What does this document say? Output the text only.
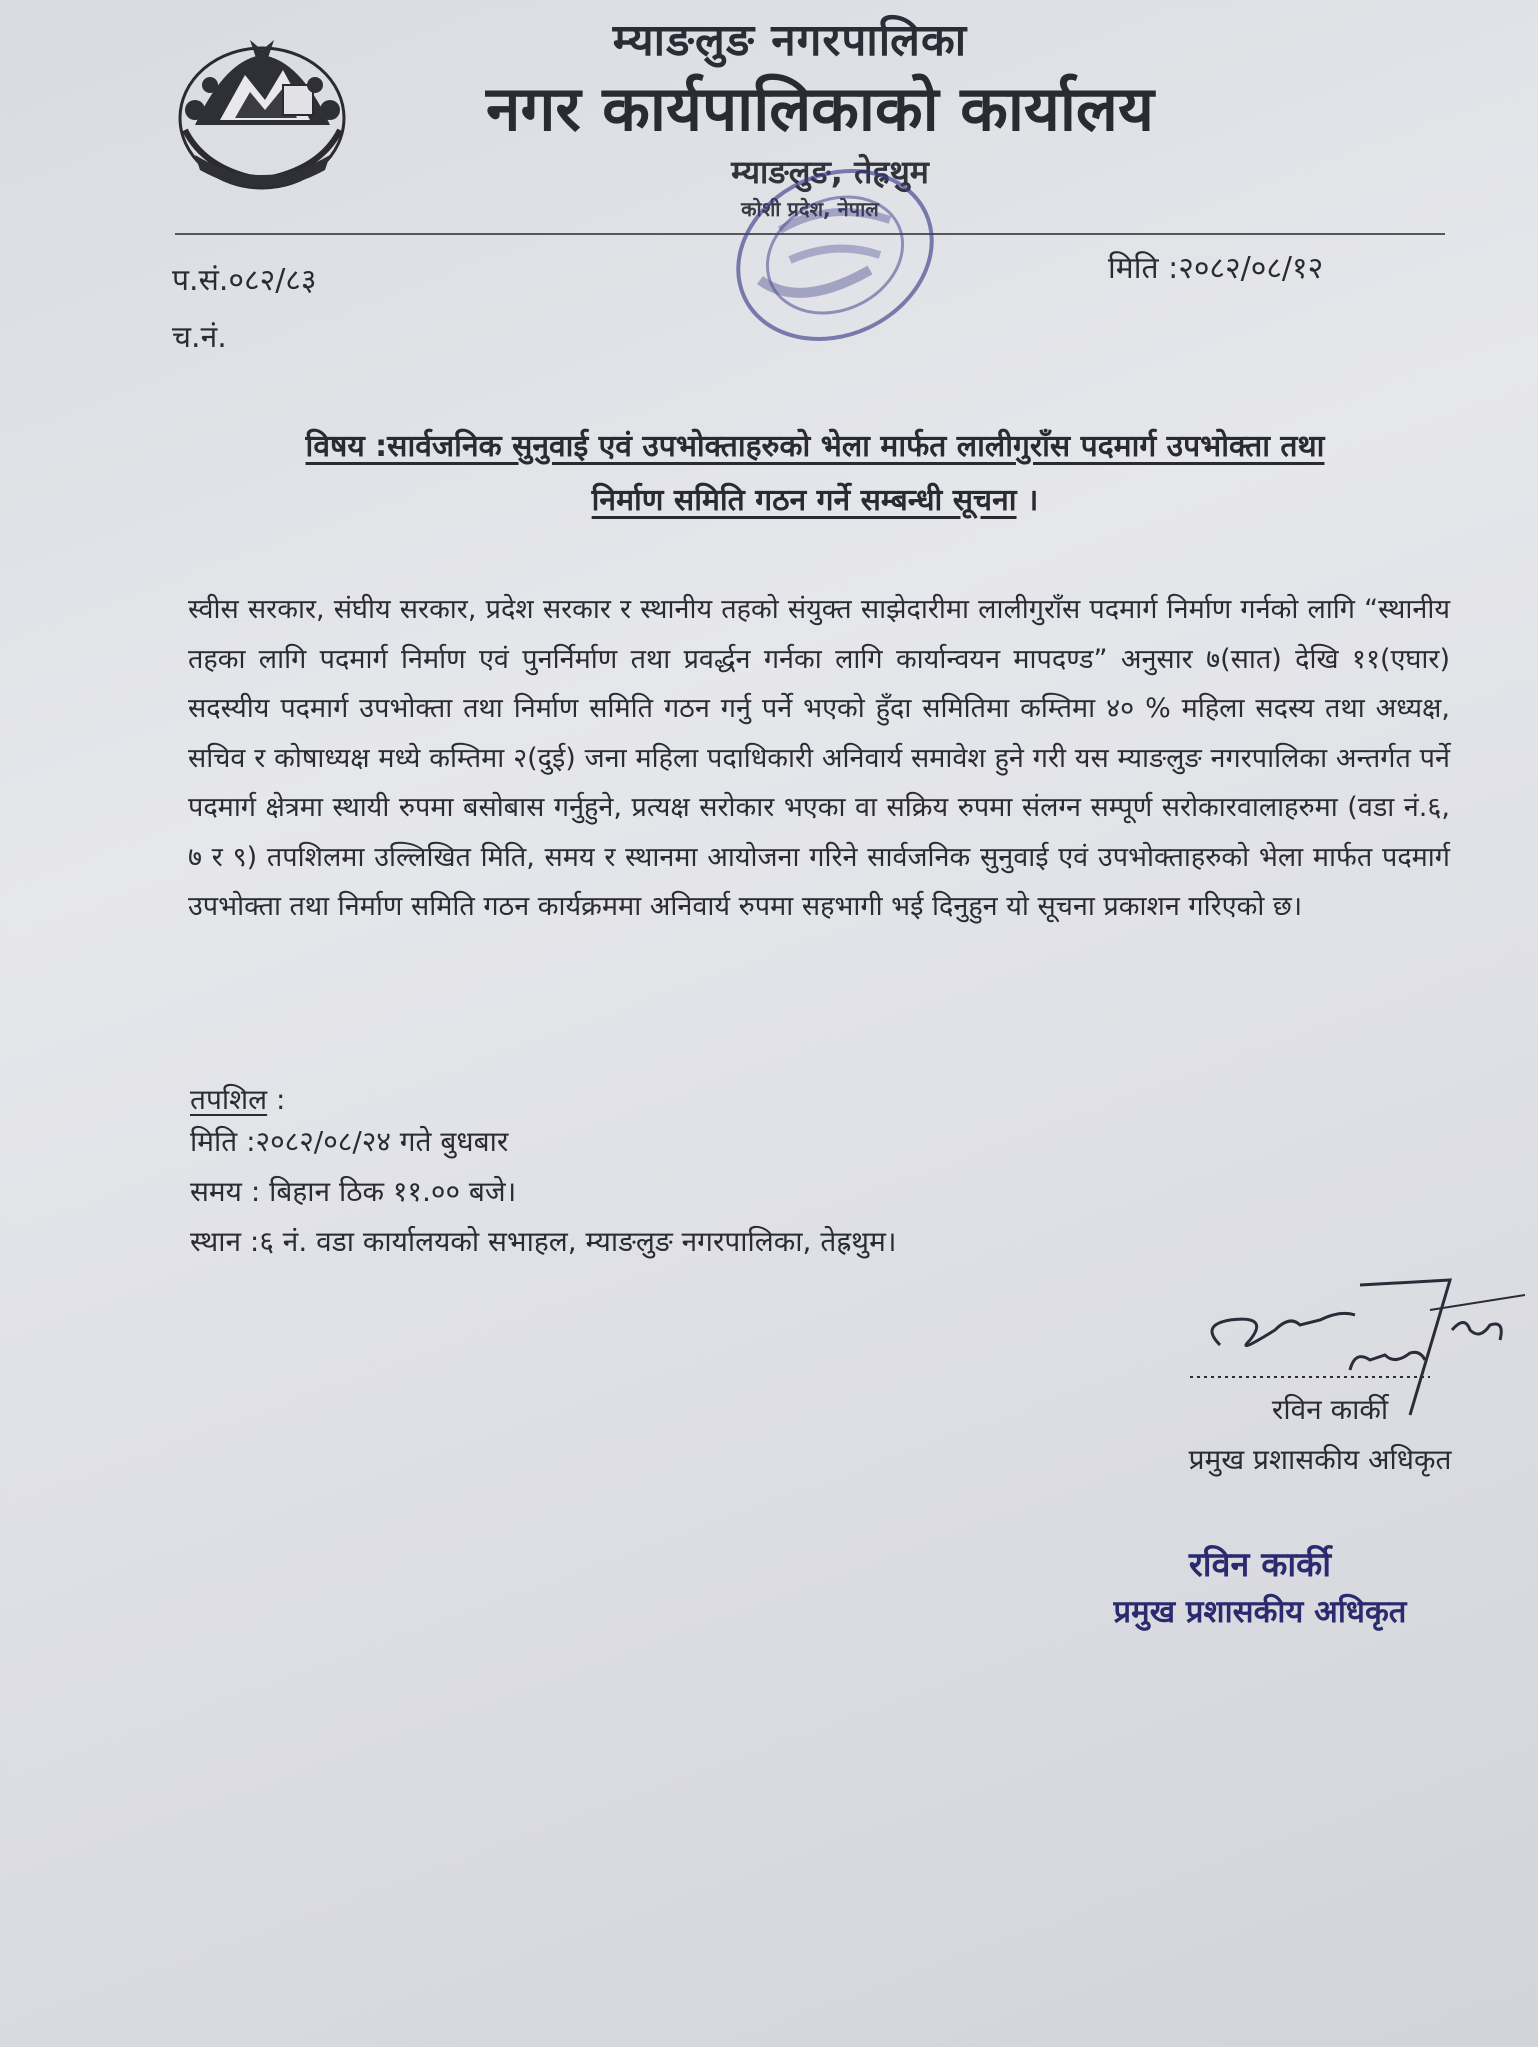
म्याङलुङ नगरपालिका
नगर कार्यपालिकाको कार्यालय
म्याङलुङ, तेह्रथुम
कोशी प्रदेश, नेपाल
प.सं.०८२/८३
च.नं.
मिति :२०८२/०८/१२
विषय :सार्वजनिक सुनुवाई एवं उपभोक्ताहरुको भेला मार्फत लालीगुराँस पदमार्ग उपभोक्ता तथा
निर्माण समिति गठन गर्ने सम्बन्धी सूचना ।
स्वीस सरकार, संघीय सरकार, प्रदेश सरकार र स्थानीय तहको संयुक्त साझेदारीमा लालीगुराँस पदमार्ग निर्माण गर्नको लागि “स्थानीय तहका लागि पदमार्ग निर्माण एवं पुनर्निर्माण तथा प्रवर्द्धन गर्नका लागि कार्यान्वयन मापदण्ड” अनुसार ७(सात) देखि ११(एघार) सदस्यीय पदमार्ग उपभोक्ता तथा निर्माण समिति गठन गर्नु पर्ने भएको हुँदा समितिमा कम्तिमा ४० % महिला सदस्य तथा अध्यक्ष, सचिव र कोषाध्यक्ष मध्ये कम्तिमा २(दुई) जना महिला पदाधिकारी अनिवार्य समावेश हुने गरी यस म्याङलुङ नगरपालिका अन्तर्गत पर्ने पदमार्ग क्षेत्रमा स्थायी रुपमा बसोबास गर्नुहुने, प्रत्यक्ष सरोकार भएका वा सक्रिय रुपमा संलग्न सम्पूर्ण सरोकारवालाहरुमा (वडा नं.६, ७ र ९) तपशिलमा उल्लिखित मिति, समय र स्थानमा आयोजना गरिने सार्वजनिक सुनुवाई एवं उपभोक्ताहरुको भेला मार्फत पदमार्ग उपभोक्ता तथा निर्माण समिति गठन कार्यक्रममा अनिवार्य रुपमा सहभागी भई दिनुहुन यो सूचना प्रकाशन गरिएको छ।
तपशिल :
मिति :२०८२/०८/२४ गते बुधबार
समय : बिहान ठिक ११.०० बजे।
स्थान :६ नं. वडा कार्यालयको सभाहल, म्याङलुङ नगरपालिका, तेह्रथुम।
रविन कार्की
प्रमुख प्रशासकीय अधिकृत
रविन कार्की
प्रमुख प्रशासकीय अधिकृत
